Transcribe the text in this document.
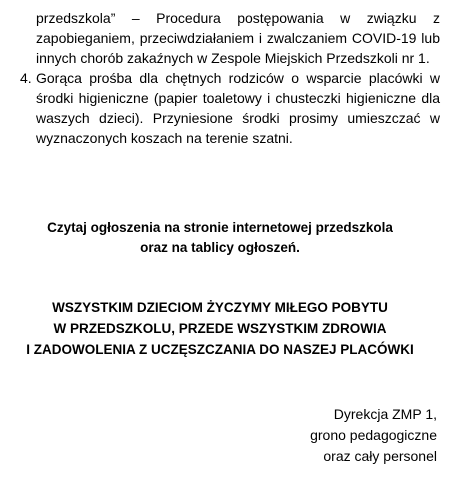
przedszkola” – Procedura postępowania w związku z zapobieganiem, przeciwdziałaniem i zwalczaniem COVID-19 lub innych chorób zakaźnych w Zespole Miejskich Przedszkoli nr 1.
4. Gorąca prośba dla chętnych rodziców o wsparcie placówki w środki higieniczne (papier toaletowy i chusteczki higieniczne dla waszych dzieci). Przyniesione środki prosimy umieszczać w wyznaczonych koszach na terenie szatni.
Czytaj ogłoszenia na stronie internetowej przedszkola
oraz na tablicy ogłoszeń.
WSZYSTKIM DZIECIOM ŻYCZYMY MIŁEGO POBYTU
W PRZEDSZKOLU, PRZEDE WSZYSTKIM ZDROWIA
I ZADOWOLENIA Z UCZĘSZCZANIA DO NASZEJ PLACÓWKI
Dyrekcja ZMP 1,
grono pedagogiczne
oraz cały personel
